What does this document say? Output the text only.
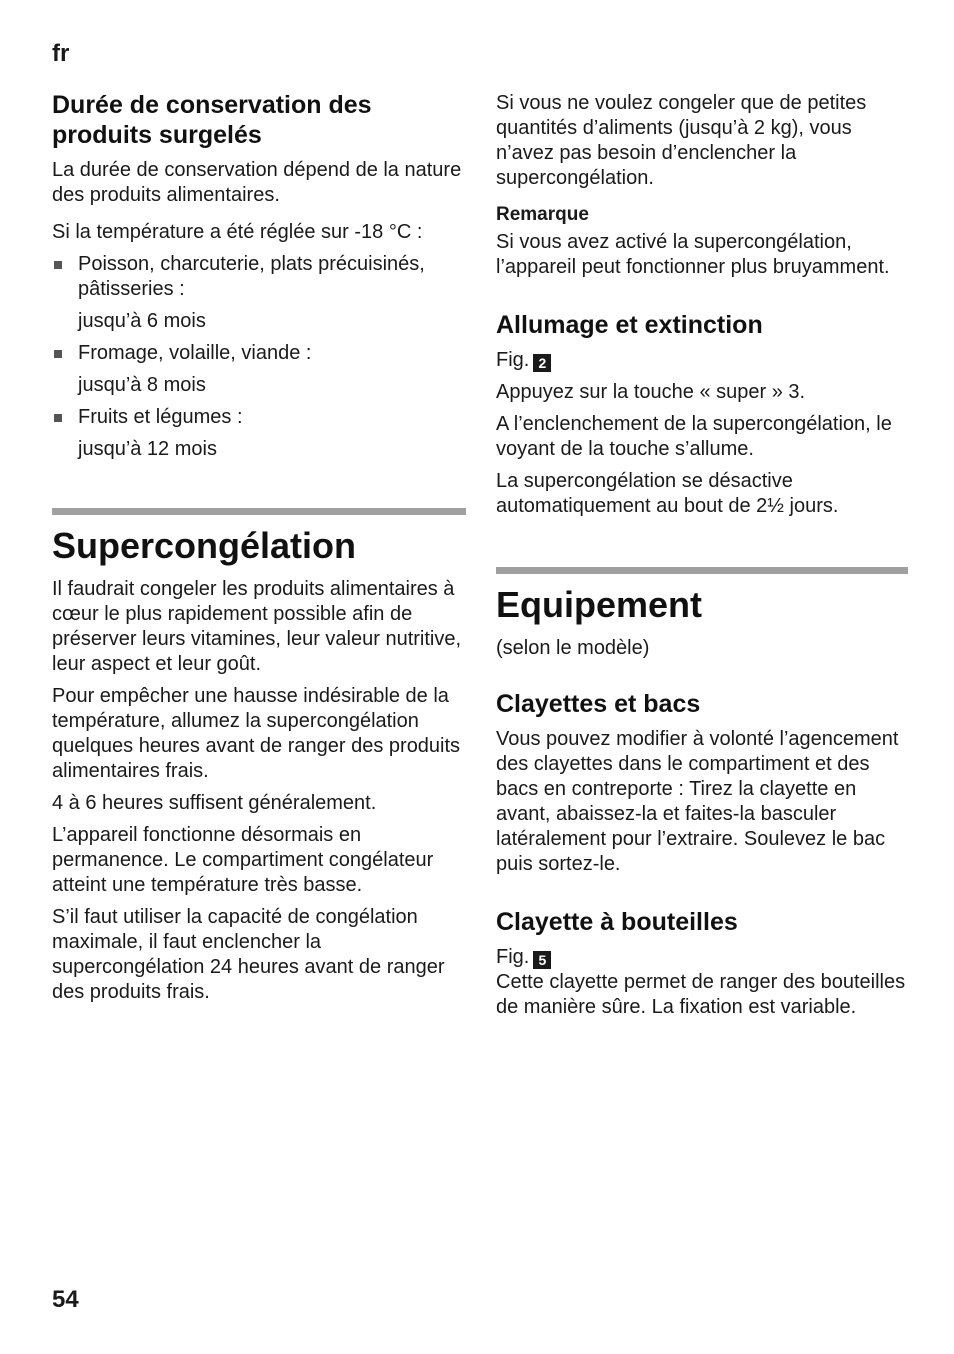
fr
Durée de conservation des produits surgelés

La durée de conservation dépend de la nature des produits alimentaires.

Si la température a été réglée sur -18 °C :

Poisson, charcuterie, plats précuisinés, pâtisseries :
jusqu’à 6 mois
Fromage, volaille, viande :
jusqu’à 8 mois
Fruits et légumes :
jusqu’à 12 mois
Supercongélation

Il faudrait congeler les produits alimentaires à cœur le plus rapidement possible afin de préserver leurs vitamines, leur valeur nutritive, leur aspect et leur goût.

Pour empêcher une hausse indésirable de la température, allumez la supercongélation quelques heures avant de ranger des produits alimentaires frais.

4 à 6 heures suffisent généralement.

L’appareil fonctionne désormais en permanence. Le compartiment congélateur atteint une température très basse.

S’il faut utiliser la capacité de congélation maximale, il faut enclencher la supercongélation 24 heures avant de ranger des produits frais.

Si vous ne voulez congeler que de petites quantités d’aliments (jusqu’à 2 kg), vous n’avez pas besoin d’enclencher la supercongélation.

Remarque

Si vous avez activé la supercongélation, l’appareil peut fonctionner plus bruyamment.

Allumage et extinction
Fig. 2

Appuyez sur la touche « super » 3.

A l’enclenchement de la supercongélation, le voyant de la touche s’allume.

La supercongélation se désactive automatiquement au bout de 2½ jours.

Equipement

(selon le modèle)

Clayettes et bacs

Vous pouvez modifier à volonté l’agencement des clayettes dans le compartiment et des bacs en contreporte : Tirez la clayette en avant, abaissez-la et faites-la basculer latéralement pour l’extraire. Soulevez le bac puis sortez-le.

Clayette à bouteilles
Fig. 5

Cette clayette permet de ranger des bouteilles de manière sûre. La fixation est variable.

54
